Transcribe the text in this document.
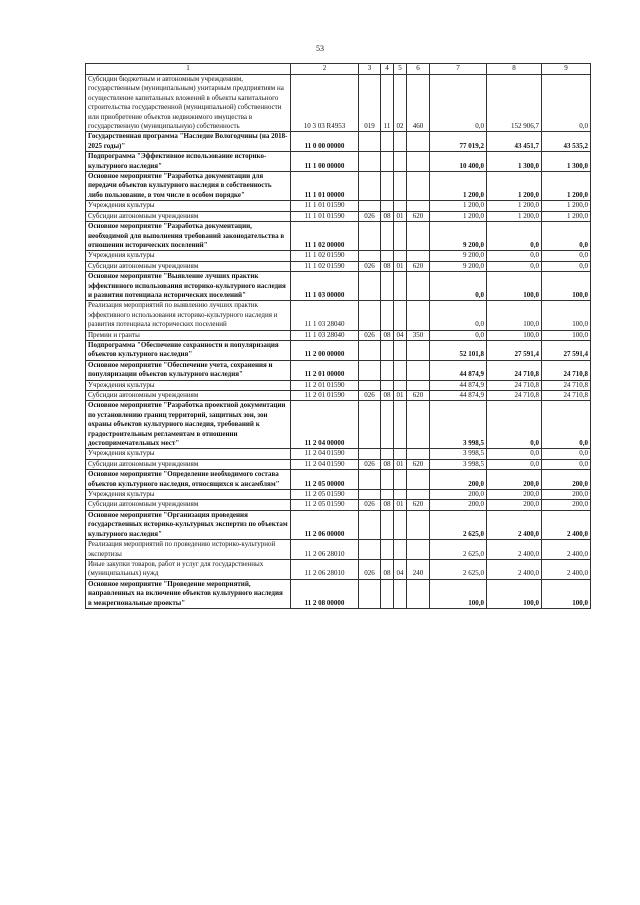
53
1	2	3	4	5	6	7	8	9
Субсидии бюджетным и автономным учреждениям, государственным (муниципальным) унитарным предприятиям на осуществление капитальных вложений в объекты капитального строительства государственной (муниципальной) собственности или приобретение объектов недвижимого имущества в государственную (муниципальную) собственность	10 3 03 R4953	019	11	02	460	0,0	152 906,7	0,0
Государственная программа "Наследие Вологодчины (на 2018-2025 годы)"	11 0 00 00000					77 019,2	43 451,7	43 535,2
Подпрограмма "Эффективное использование историко-культурного наследия"	11 1 00 00000					10 400,0	1 300,0	1 300,0
Основное мероприятие "Разработка документации для передачи объектов культурного наследия в собственность либо пользование, в том числе в особом порядке"	11 1 01 00000					1 200,0	1 200,0	1 200,0
Учреждения культуры	11 1 01 01590					1 200,0	1 200,0	1 200,0
Субсидии автономным учреждениям	11 1 01 01590	026	08	01	620	1 200,0	1 200,0	1 200,0
Основное мероприятие "Разработка документации, необходимой для выполнения требований законодательства в отношении исторических поселений"	11 1 02 00000					9 200,0	0,0	0,0
Учреждения культуры	11 1 02 01590					9 200,0	0,0	0,0
Субсидии автономным учреждениям	11 1 02 01590	026	08	01	620	9 200,0	0,0	0,0
Основное мероприятие "Выявление лучших практик эффективного использования историко-культурного наследия и развития потенциала исторических поселений"	11 1 03 00000					0,0	100,0	100,0
Реализация мероприятий по выявлению лучших практик эффективного использования историко-культурного наследия и развития потенциала исторических поселений	11 1 03 28040					0,0	100,0	100,0
Премии и гранты	11 1 03 28040	026	08	04	350	0,0	100,0	100,0
Подпрограмма "Обеспечение сохранности и популяризация объектов культурного наследия"	11 2 00 00000					52 101,8	27 591,4	27 591,4
Основное мероприятие "Обеспечение учета, сохранения и популяризации объектов культурного наследия"	11 2 01 00000					44 874,9	24 710,8	24 710,8
Учреждения культуры	11 2 01 01590					44 874,9	24 710,8	24 710,8
Субсидии автономным учреждениям	11 2 01 01590	026	08	01	620	44 874,9	24 710,8	24 710,8
Основное мероприятие "Разработка проектной документации по установлению границ территорий, защитных зон, зон охраны объектов культурного наследия, требований к градостроительным регламентам в отношении достопримечательных мест"	11 2 04 00000					3 998,5	0,0	0,0
Учреждения культуры	11 2 04 01590					3 998,5	0,0	0,0
Субсидии автономным учреждениям	11 2 04 01590	026	08	01	620	3 998,5	0,0	0,0
Основное мероприятие "Определение необходимого состава объектов культурного наследия, относящихся к ансамблям"	11 2 05 00000					200,0	200,0	200,0
Учреждения культуры	11 2 05 01590					200,0	200,0	200,0
Субсидии автономным учреждениям	11 2 05 01590	026	08	01	620	200,0	200,0	200,0
Основное мероприятие "Организация проведения государственных историко-культурных экспертиз по объектам культурного наследия"	11 2 06 00000					2 625,0	2 400,0	2 400,0
Реализация мероприятий по проведению историко-культурной экспертизы	11 2 06 28010					2 625,0	2 400,0	2 400,0
Иные закупки товаров, работ и услуг для государственных (муниципальных) нужд	11 2 06 28010	026	08	04	240	2 625,0	2 400,0	2 400,0
Основное мероприятие "Проведение мероприятий, направленных на включение объектов культурного наследия в межрегиональные проекты"	11 2 08 00000					100,0	100,0	100,0
